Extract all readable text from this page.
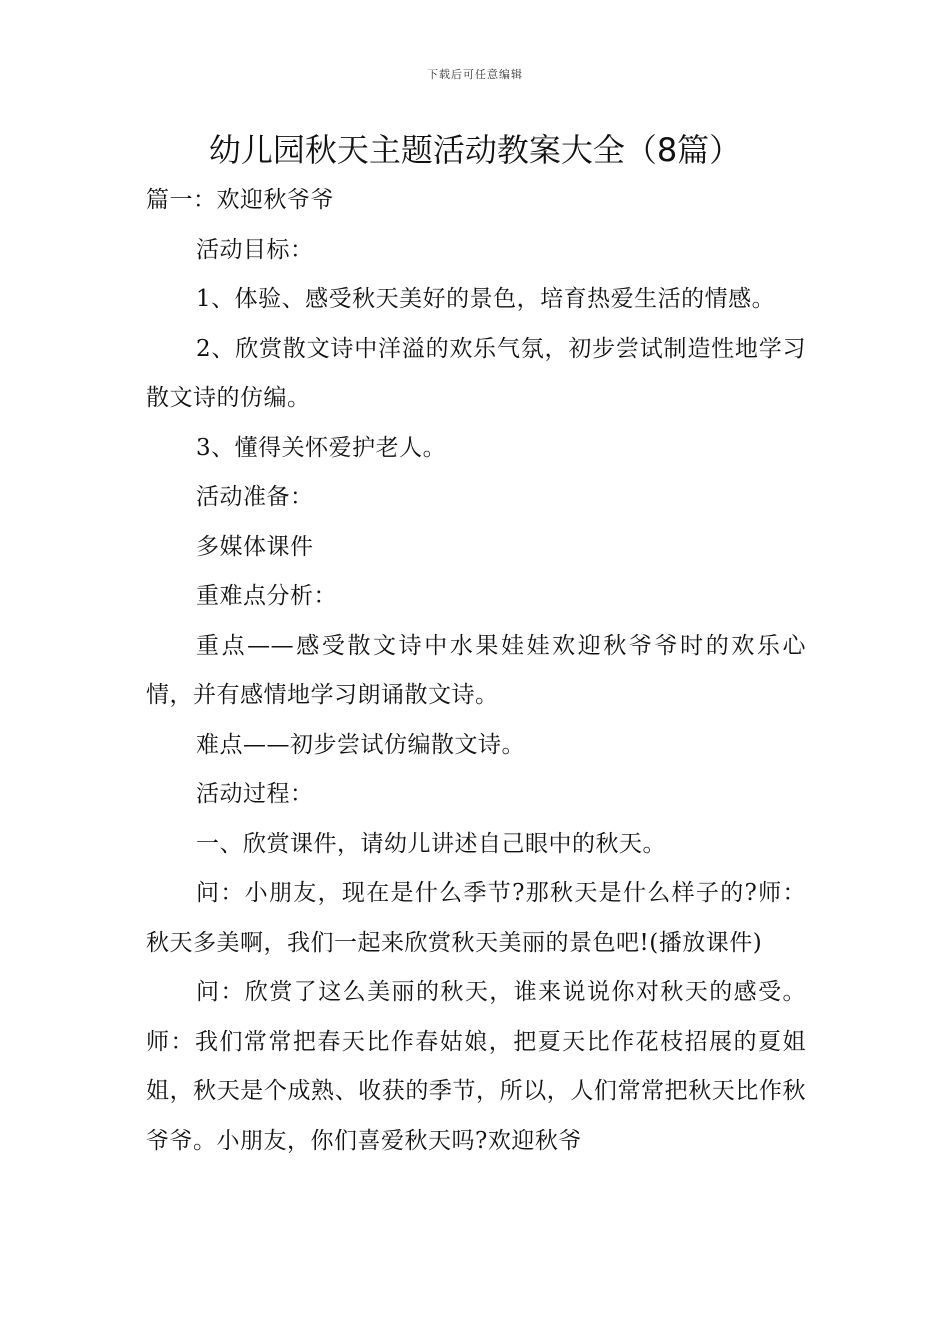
下载后可任意编辑
幼儿园秋天主题活动教案大全（8篇）

篇一：欢迎秋爷爷

活动目标：

1、体验、感受秋天美好的景色，培育热爱生活的情感。

2、欣赏散文诗中洋溢的欢乐气氛，初步尝试制造性地学习散文诗的仿编。

3、懂得关怀爱护老人。

活动准备：

多媒体课件

重难点分析：

重点——感受散文诗中水果娃娃欢迎秋爷爷时的欢乐心情，并有感情地学习朗诵散文诗。

难点——初步尝试仿编散文诗。

活动过程：

一、欣赏课件，请幼儿讲述自己眼中的秋天。

问：小朋友，现在是什么季节?那秋天是什么样子的?师：秋天多美啊，我们一起来欣赏秋天美丽的景色吧!(播放课件)

问：欣赏了这么美丽的秋天，谁来说说你对秋天的感受。师：我们常常把春天比作春姑娘，把夏天比作花枝招展的夏姐姐，秋天是个成熟、收获的季节，所以，人们常常把秋天比作秋爷爷。小朋友，你们喜爱秋天吗?欢迎秋爷
